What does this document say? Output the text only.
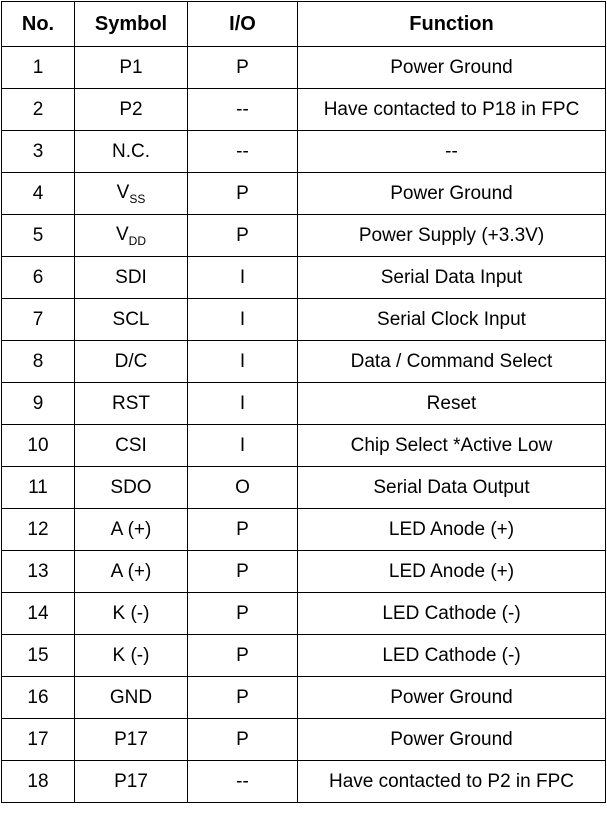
No.	Symbol	I/O	Function
1	P1	P	Power Ground
2	P2	--	Have contacted to P18 in FPC
3	N.C.	--	--
4	$V_{SS}$	P	Power Ground
5	$V_{DD}$	P	Power Supply (+3.3V)
6	SDI	I	Serial Data Input
7	SCL	I	Serial Clock Input
8	D/C	I	Data / Command Select
9	RST	I	Reset
10	CSI	I	Chip Select *Active Low
11	SDO	O	Serial Data Output
12	A (+)	P	LED Anode (+)
13	A (+)	P	LED Anode (+)
14	K (-)	P	LED Cathode (-)
15	K (-)	P	LED Cathode (-)
16	GND	P	Power Ground
17	P17	P	Power Ground
18	P17	--	Have contacted to P2 in FPC
